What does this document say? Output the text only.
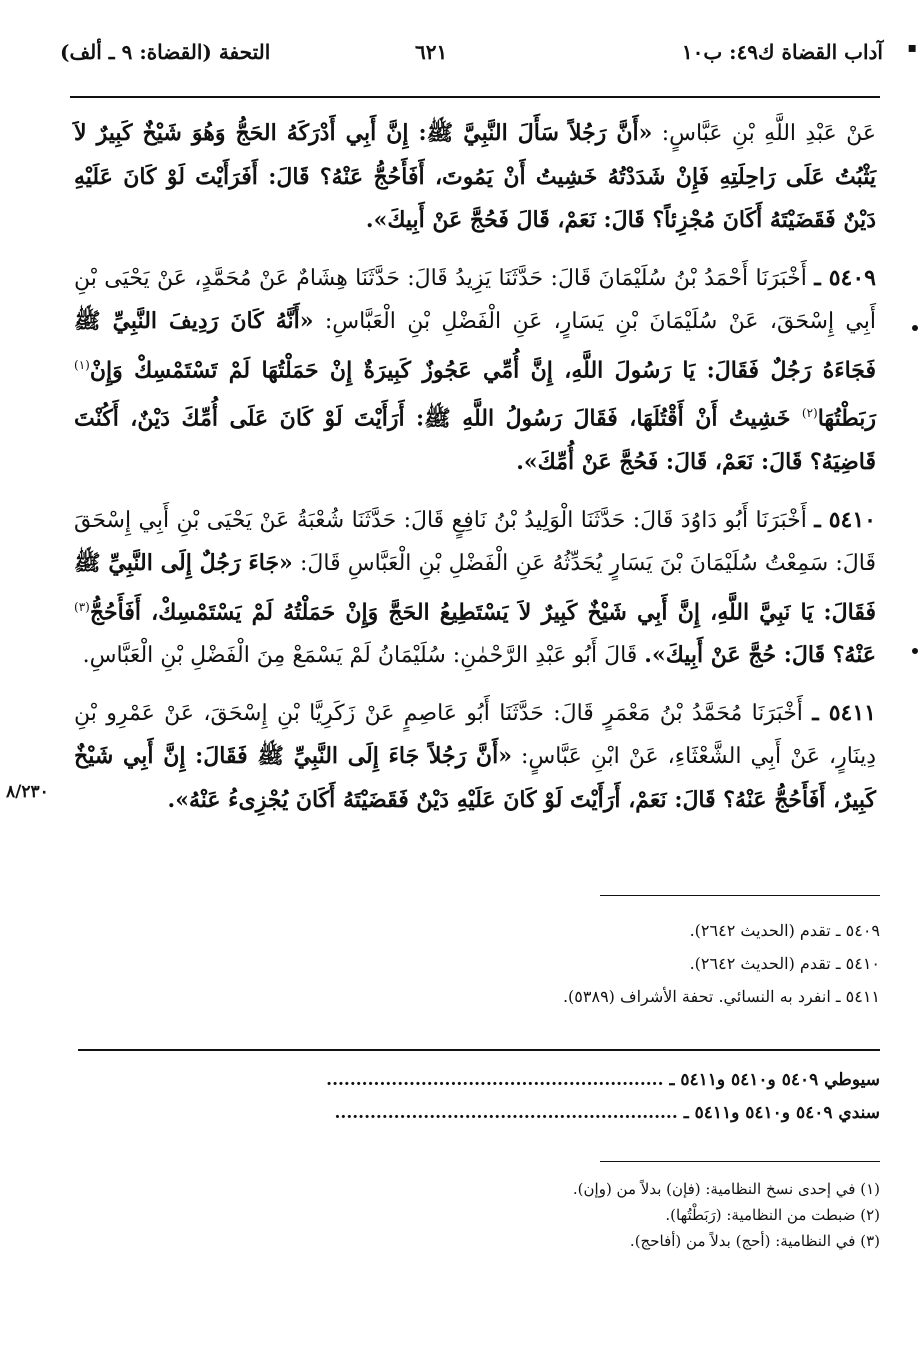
▪
آداب القضاة ك٤٩: ب١٠
٦٢١
التحفة (القضاة: ٩ ـ ألف)
٨/٢٣٠

عَنْ عَبْدِ اللَّهِ بْنِ عَبَّاسٍ: «أَنَّ رَجُلاً سَأَلَ النَّبِيَّ ﷺ: إِنَّ أَبِي أَدْرَكَهُ الحَجُّ وَهُوَ شَيْخٌ كَبِيرٌ لاَ يَثْبُتُ عَلَى رَاحِلَتِهِ فَإِنْ شَدَدْتُهُ خَشِيتُ أَنْ يَمُوتَ، أَفَأَحُجُّ عَنْهُ؟ قَالَ: أَفَرَأَيْتَ لَوْ كَانَ عَلَيْهِ دَيْنٌ فَقَضَيْتَهُ أَكَانَ مُجْزِئاً؟ قَالَ: نَعَمْ، قَالَ فَحُجَّ عَنْ أَبِيكَ».

٥٤٠٩ ـ أَخْبَرَنَا أَحْمَدُ بْنُ سُلَيْمَانَ قَالَ: حَدَّثَنَا يَزِيدُ قَالَ: حَدَّثَنَا هِشَامٌ عَنْ مُحَمَّدٍ، عَنْ يَحْيَى بْنِ أَبِي إِسْحَقَ، عَنْ سُلَيْمَانَ بْنِ يَسَارٍ، عَنِ الْفَضْلِ بْنِ الْعَبَّاسِ: «أَنَّهُ كَانَ رَدِيفَ النَّبِيِّ ﷺ فَجَاءَهُ رَجُلٌ فَقَالَ: يَا رَسُولَ اللَّهِ، إِنَّ أُمِّي عَجُوزٌ كَبِيرَةٌ إِنْ حَمَلْتُهَا لَمْ تَسْتَمْسِكْ وَإِنْ$^{(١)}$ رَبَطْتُهَا$^{(٢)}$ خَشِيتُ أَنْ أَقْتُلَهَا، فَقَالَ رَسُولُ اللَّهِ ﷺ: أَرَأَيْتَ لَوْ كَانَ عَلَى أُمِّكَ دَيْنٌ، أَكُنْتَ قَاضِيَهُ؟ قَالَ: نَعَمْ، قَالَ: فَحُجَّ عَنْ أُمِّكَ».

٥٤١٠ ـ أَخْبَرَنَا أَبُو دَاوُدَ قَالَ: حَدَّثَنَا الْوَلِيدُ بْنُ نَافِعٍ قَالَ: حَدَّثَنَا شُعْبَةُ عَنْ يَحْيَى بْنِ أَبِي إِسْحَقَ قَالَ: سَمِعْتُ سُلَيْمَانَ بْنَ يَسَارٍ يُحَدِّثُهُ عَنِ الْفَضْلِ بْنِ الْعَبَّاسِ قَالَ: «جَاءَ رَجُلٌ إِلَى النَّبِيِّ ﷺ فَقَالَ: يَا نَبِيَّ اللَّهِ، إِنَّ أَبِي شَيْخٌ كَبِيرٌ لاَ يَسْتَطِيعُ الحَجَّ وَإِنْ حَمَلْتُهُ لَمْ يَسْتَمْسِكْ، أَفَأَحُجُّ$^{(٣)}$ عَنْهُ؟ قَالَ: حُجَّ عَنْ أَبِيكَ». قَالَ أَبُو عَبْدِ الرَّحْمٰنِ: سُلَيْمَانُ لَمْ يَسْمَعْ مِنَ الْفَضْلِ بْنِ الْعَبَّاسِ.

٥٤١١ ـ أَخْبَرَنَا مُحَمَّدُ بْنُ مَعْمَرٍ قَالَ: حَدَّثَنَا أَبُو عَاصِمٍ عَنْ زَكَرِيَّا بْنِ إِسْحَقَ، عَنْ عَمْرِو بْنِ دِينَارٍ، عَنْ أَبِي الشَّعْثَاءِ، عَنْ ابْنِ عَبَّاسٍ: «أَنَّ رَجُلاً جَاءَ إِلَى النَّبِيِّ ﷺ فَقَالَ: إِنَّ أَبِي شَيْخٌ كَبِيرٌ، أَفَأَحُجُّ عَنْهُ؟ قَالَ: نَعَمْ، أَرَأَيْتَ لَوْ كَانَ عَلَيْهِ دَيْنٌ فَقَضَيْتَهُ أَكَانَ يُجْزِىءُ عَنْهُ».

٥٤٠٩ ـ تقدم (الحديث ٢٦٤٢).
٥٤١٠ ـ تقدم (الحديث ٢٦٤٢).
٥٤١١ ـ انفرد به النسائي. تحفة الأشراف (٥٣٨٩).
سيوطي ٥٤٠٩ و٥٤١٠ و٥٤١١ ـ .........................................................
سندي ٥٤٠٩ و٥٤١٠ و٥٤١١ ـ ..........................................................
(١) في إحدى نسخ النظامية: (فإن) بدلاً من (وإن).
(٢) ضبطت من النظامية: (رَبَطْتُها).
(٣) في النظامية: (أحج) بدلاً من (أفاحج).
